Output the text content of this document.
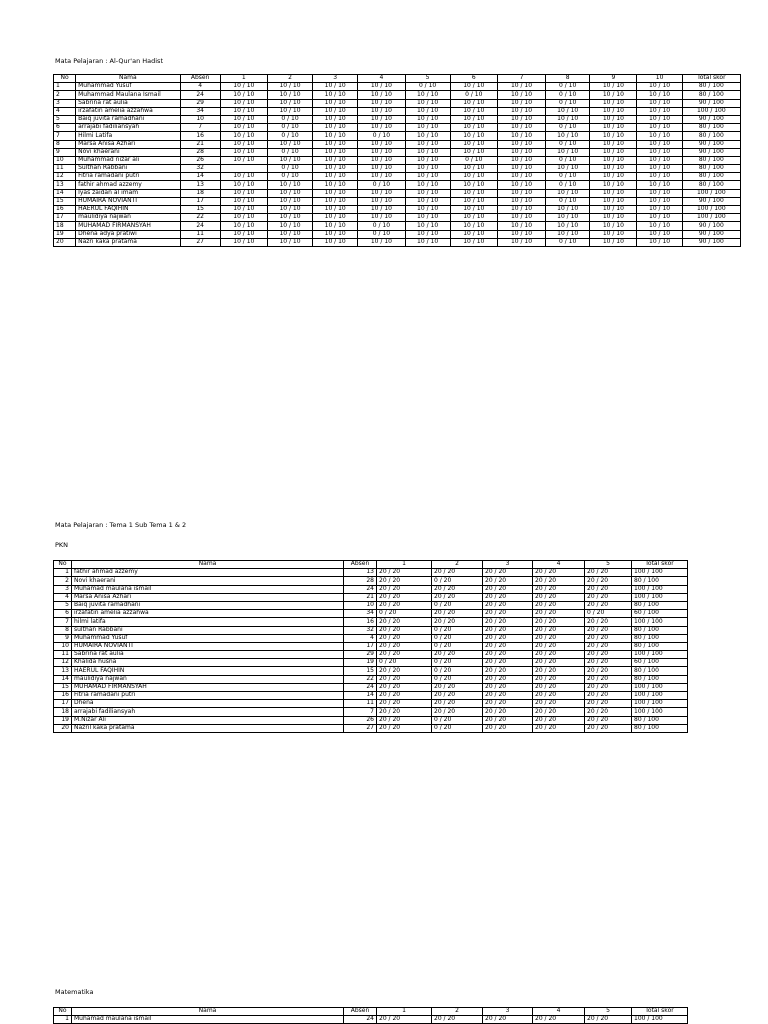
Mata Pelajaran : Al-Qur'an Hadist
No	Nama	Absen	1	2	3	4	5	6	7	8	9	10	Total skor
1	Muhammad Yusuf	4	10 / 10	10 / 10	10 / 10	10 / 10	0 / 10	10 / 10	10 / 10	0 / 10	10 / 10	10 / 10	80 / 100
2	Muhammad Maulana Ismail	24	10 / 10	10 / 10	10 / 10	10 / 10	10 / 10	0 / 10	10 / 10	0 / 10	10 / 10	10 / 10	80 / 100
3	Sabrina rat aulia	29	10 / 10	10 / 10	10 / 10	10 / 10	10 / 10	10 / 10	10 / 10	0 / 10	10 / 10	10 / 10	90 / 100
4	irzafatin amelia azzahwa	34	10 / 10	10 / 10	10 / 10	10 / 10	10 / 10	10 / 10	10 / 10	10 / 10	10 / 10	10 / 10	100 / 100
5	Baiq juvita ramadhani	10	10 / 10	0 / 10	10 / 10	10 / 10	10 / 10	10 / 10	10 / 10	10 / 10	10 / 10	10 / 10	90 / 100
6	arrajabi fadiliansyah	7	10 / 10	0 / 10	10 / 10	10 / 10	10 / 10	10 / 10	10 / 10	0 / 10	10 / 10	10 / 10	80 / 100
7	Hilmi Latifa	16	10 / 10	0 / 10	10 / 10	0 / 10	10 / 10	10 / 10	10 / 10	10 / 10	10 / 10	10 / 10	80 / 100
8	Marsa Anisa Azhari	21	10 / 10	10 / 10	10 / 10	10 / 10	10 / 10	10 / 10	10 / 10	0 / 10	10 / 10	10 / 10	90 / 100
9	Novi khaerani	28	10 / 10	0 / 10	10 / 10	10 / 10	10 / 10	10 / 10	10 / 10	10 / 10	10 / 10	10 / 10	90 / 100
10	Muhammad nizar ali	26	10 / 10	10 / 10	10 / 10	10 / 10	10 / 10	0 / 10	10 / 10	0 / 10	10 / 10	10 / 10	80 / 100
11	Sulthan Rabbani	32		0 / 10	10 / 10	10 / 10	10 / 10	10 / 10	10 / 10	10 / 10	10 / 10	10 / 10	80 / 100
12	Fitria ramadani putri	14	10 / 10	0 / 10	10 / 10	10 / 10	10 / 10	10 / 10	10 / 10	0 / 10	10 / 10	10 / 10	80 / 100
13	fathir ahmad azzemy	13	10 / 10	10 / 10	10 / 10	0 / 10	10 / 10	10 / 10	10 / 10	0 / 10	10 / 10	10 / 10	80 / 100
14	Iyas zaidan al imam	18	10 / 10	10 / 10	10 / 10	10 / 10	10 / 10	10 / 10	10 / 10	10 / 10	10 / 10	10 / 10	100 / 100
15	HUMAIRA NOVIANTI	17	10 / 10	10 / 10	10 / 10	10 / 10	10 / 10	10 / 10	10 / 10	0 / 10	10 / 10	10 / 10	90 / 100
16	HAERUL FAQIHIN	15	10 / 10	10 / 10	10 / 10	10 / 10	10 / 10	10 / 10	10 / 10	10 / 10	10 / 10	10 / 10	100 / 100
17	maulidiya najwan	22	10 / 10	10 / 10	10 / 10	10 / 10	10 / 10	10 / 10	10 / 10	10 / 10	10 / 10	10 / 10	100 / 100
18	MUHAMAD FIRMANSYAH	24	10 / 10	10 / 10	10 / 10	0 / 10	10 / 10	10 / 10	10 / 10	10 / 10	10 / 10	10 / 10	90 / 100
19	Dhena adya pratiwi	11	10 / 10	10 / 10	10 / 10	0 / 10	10 / 10	10 / 10	10 / 10	10 / 10	10 / 10	10 / 10	90 / 100
20	Nazri kaka pratama	27	10 / 10	10 / 10	10 / 10	10 / 10	10 / 10	10 / 10	10 / 10	0 / 10	10 / 10	10 / 10	90 / 100
Mata Pelajaran : Tema 1 Sub Tema 1 & 2
PKN
No	Nama	Absen	1	2	3	4	5	Total skor
1	fathir ahmad azzemy	13	20 / 20	20 / 20	20 / 20	20 / 20	20 / 20	100 / 100
2	Novi khaerani	28	20 / 20	0 / 20	20 / 20	20 / 20	20 / 20	80 / 100
3	Muhamad maulana ismail	24	20 / 20	20 / 20	20 / 20	20 / 20	20 / 20	100 / 100
4	Marsa Anisa Azhari	21	20 / 20	20 / 20	20 / 20	20 / 20	20 / 20	100 / 100
5	Baiq juvita ramadhani	10	20 / 20	0 / 20	20 / 20	20 / 20	20 / 20	80 / 100
6	irzafatin amelia azzahwa	34	0 / 20	20 / 20	20 / 20	20 / 20	0 / 20	60 / 100
7	hilmi latifa	16	20 / 20	20 / 20	20 / 20	20 / 20	20 / 20	100 / 100
8	sulthan Rabbani	32	20 / 20	0 / 20	20 / 20	20 / 20	20 / 20	80 / 100
9	Muhammad Yusuf	4	20 / 20	0 / 20	20 / 20	20 / 20	20 / 20	80 / 100
10	HUMAIRA NOVIANTI	17	20 / 20	0 / 20	20 / 20	20 / 20	20 / 20	80 / 100
11	Sabrina rat aulia	29	20 / 20	20 / 20	20 / 20	20 / 20	20 / 20	100 / 100
12	Khalida husna	19	0 / 20	0 / 20	20 / 20	20 / 20	20 / 20	60 / 100
13	HAERUL FAQIHIN	15	20 / 20	0 / 20	20 / 20	20 / 20	20 / 20	80 / 100
14	maulidiya najwan	22	20 / 20	0 / 20	20 / 20	20 / 20	20 / 20	80 / 100
15	MUHAMAD FIRMANSYAH	24	20 / 20	20 / 20	20 / 20	20 / 20	20 / 20	100 / 100
16	Fitria ramadani putri	14	20 / 20	20 / 20	20 / 20	20 / 20	20 / 20	100 / 100
17	Dhena	11	20 / 20	20 / 20	20 / 20	20 / 20	20 / 20	100 / 100
18	arrajabi fadiliansyah	7	20 / 20	20 / 20	20 / 20	20 / 20	20 / 20	100 / 100
19	M.Nizar Ali	26	20 / 20	0 / 20	20 / 20	20 / 20	20 / 20	80 / 100
20	Nazril kaka pratama	27	20 / 20	0 / 20	20 / 20	20 / 20	20 / 20	80 / 100
Matematika
No	Nama	Absen	1	2	3	4	5	Total skor
1	Muhamad maulana ismail	24	20 / 20	20 / 20	20 / 20	20 / 20	20 / 20	100 / 100
